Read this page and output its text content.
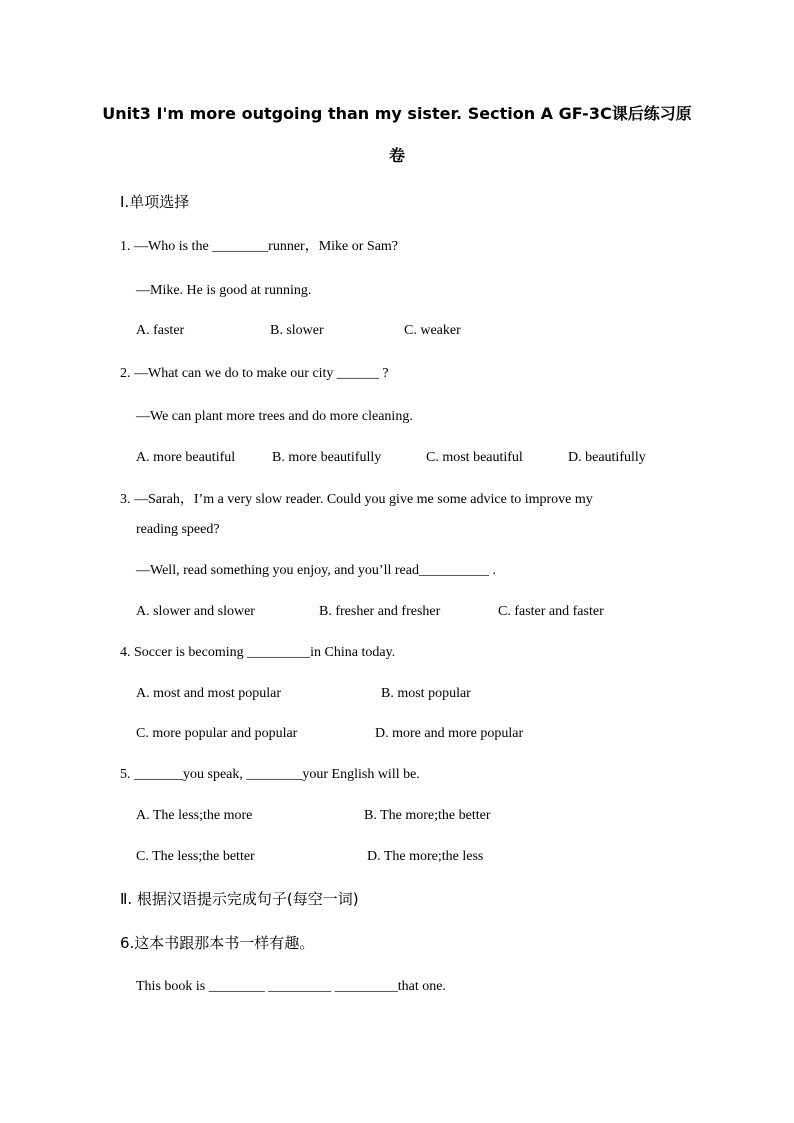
Unit3 I'm more outgoing than my sister. Section A GF-3C课后练习原
卷
Ⅰ.单项选择
1. —Who is the ________runner，Mike or Sam?
—Mike. He is good at running.
A. faster	B. slower	C. weaker
2. —What can we do to make our city ______ ?
—We can plant more trees and do more cleaning.
A. more beautiful	B. more beautifully	C. most beautiful	D. beautifully
3. —Sarah，I’m a very slow reader. Could you give me some advice to improve my
reading speed?
—Well, read something you enjoy, and you’ll read__________ .
A. slower and slower	B. fresher and fresher	C. faster and faster
4. Soccer is becoming _________in China today.
A. most and most popular	B. most popular
C. more popular and popular	D. more and more popular
5. _______you speak, ________your English will be.
A. The less;the more	B. The more;the better
C. The less;the better	D. The more;the less
Ⅱ. 根据汉语提示完成句子(每空一词)
6.这本书跟那本书一样有趣。
This book is ________ _________ _________that one.
